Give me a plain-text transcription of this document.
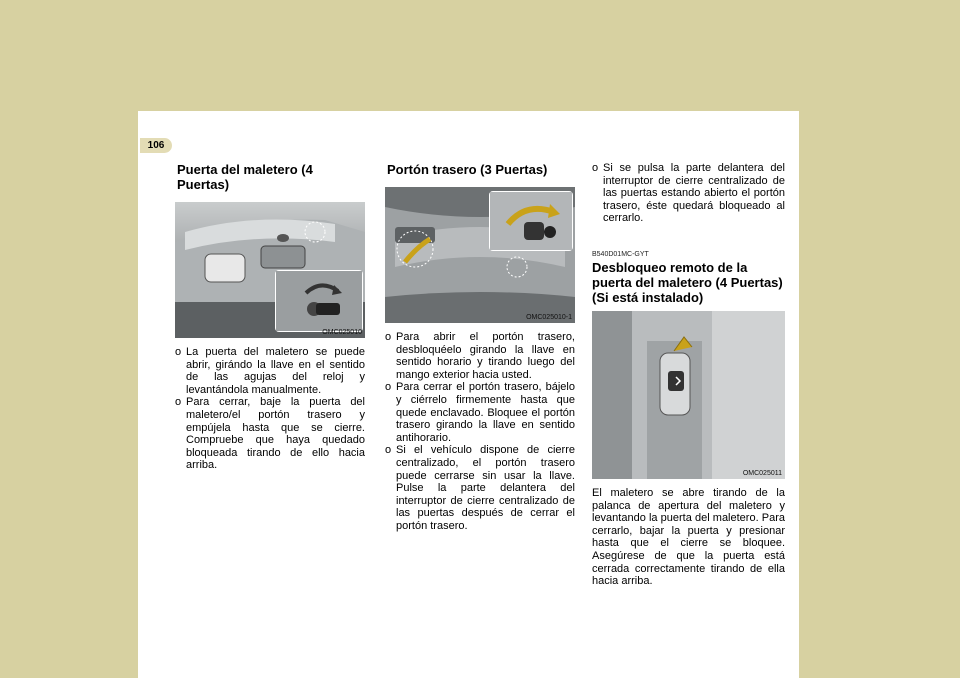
1 COMPONENTES DE SU HYUNDAI
106
Puerta del maletero (4 Puertas)
OMC025010
o La puerta del maletero se puede abrir, girándo la llave en el sentido de las agujas del reloj y levantándola manualmente.
o Para cerrar, baje la puerta del maletero/el portón trasero y empújela hasta que se cierre. Compruebe que haya quedado bloqueada tirando de ello hacia arriba.
Portón trasero (3 Puertas)
OMC025010-1
o Para abrir el portón trasero, desbloquéelo girando la llave en sentido horario y tirando luego del mango exterior hacia usted.
o Para cerrar el portón trasero, bájelo y ciérrelo firmemente hasta que quede enclavado. Bloquee el portón trasero girando la llave en sentido antihorario.
o Si el vehículo dispone de cierre centralizado, el portón trasero puede cerrarse sin usar la llave. Pulse la parte delantera del interruptor de cierre centralizado de las puertas después de cerrar el portón trasero.
o Si se pulsa la parte delantera del interruptor de cierre centralizado de las puertas estando abierto el portón trasero, éste quedará bloqueado al cerrarlo.
B540D01MC-GYT
Desbloqueo remoto de la puerta del maletero (4 Puertas) (Si está instalado)
OMC025011
El maletero se abre tirando de la palanca de apertura del maletero y levantando la puerta del maletero. Para cerrarlo, bajar la puerta y presionar hasta que el cierre se bloquee. Asegúrese de que la puerta está cerrada correctamente tirando de ella hacia arriba.
